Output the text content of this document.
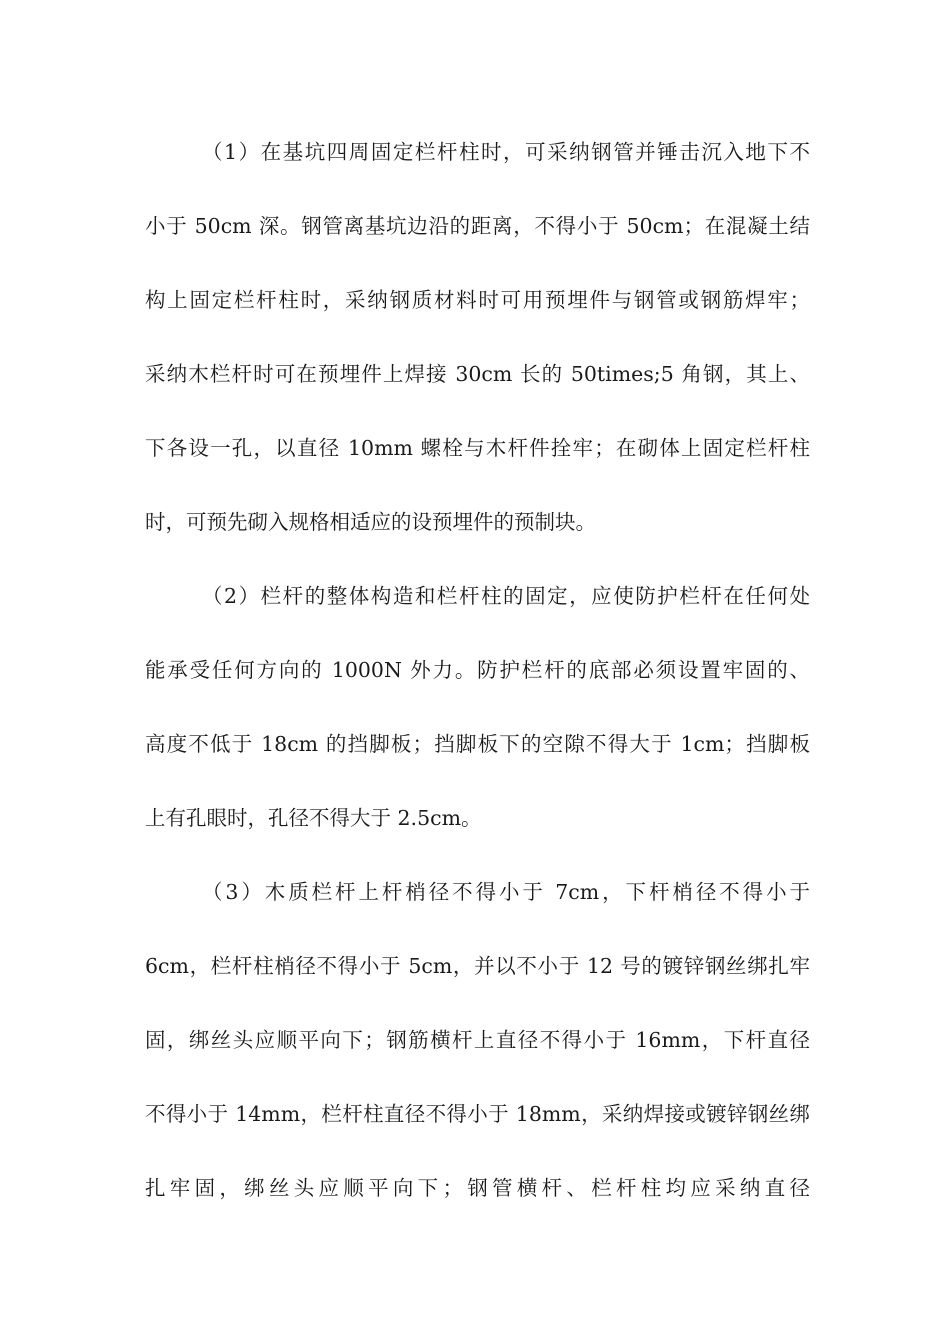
（1）在基坑四周固定栏杆柱时，可采纳钢管并锤击沉入地下不
小于 50cm 深。钢管离基坑边沿的距离，不得小于 50cm；在混凝土结
构上固定栏杆柱时，采纳钢质材料时可用预埋件与钢管或钢筋焊牢；
采纳木栏杆时可在预埋件上焊接 30cm 长的 50times;5 角钢，其上、
下各设一孔，以直径 10mm 螺栓与木杆件拴牢；在砌体上固定栏杆柱
时，可预先砌入规格相适应的设预埋件的预制块。
（2）栏杆的整体构造和栏杆柱的固定，应使防护栏杆在任何处
能承受任何方向的 1000N 外力。防护栏杆的底部必须设置牢固的、
高度不低于 18cm 的挡脚板；挡脚板下的空隙不得大于 1cm；挡脚板
上有孔眼时，孔径不得大于 2.5cm。
（3）木质栏杆上杆梢径不得小于 7cm，下杆梢径不得小于
6cm，栏杆柱梢径不得小于 5cm，并以不小于 12 号的镀锌钢丝绑扎牢
固，绑丝头应顺平向下；钢筋横杆上直径不得小于 16mm，下杆直径
不得小于 14mm，栏杆柱直径不得小于 18mm，采纳焊接或镀锌钢丝绑
扎牢固，绑丝头应顺平向下；钢管横杆、栏杆柱均应采纳直径
